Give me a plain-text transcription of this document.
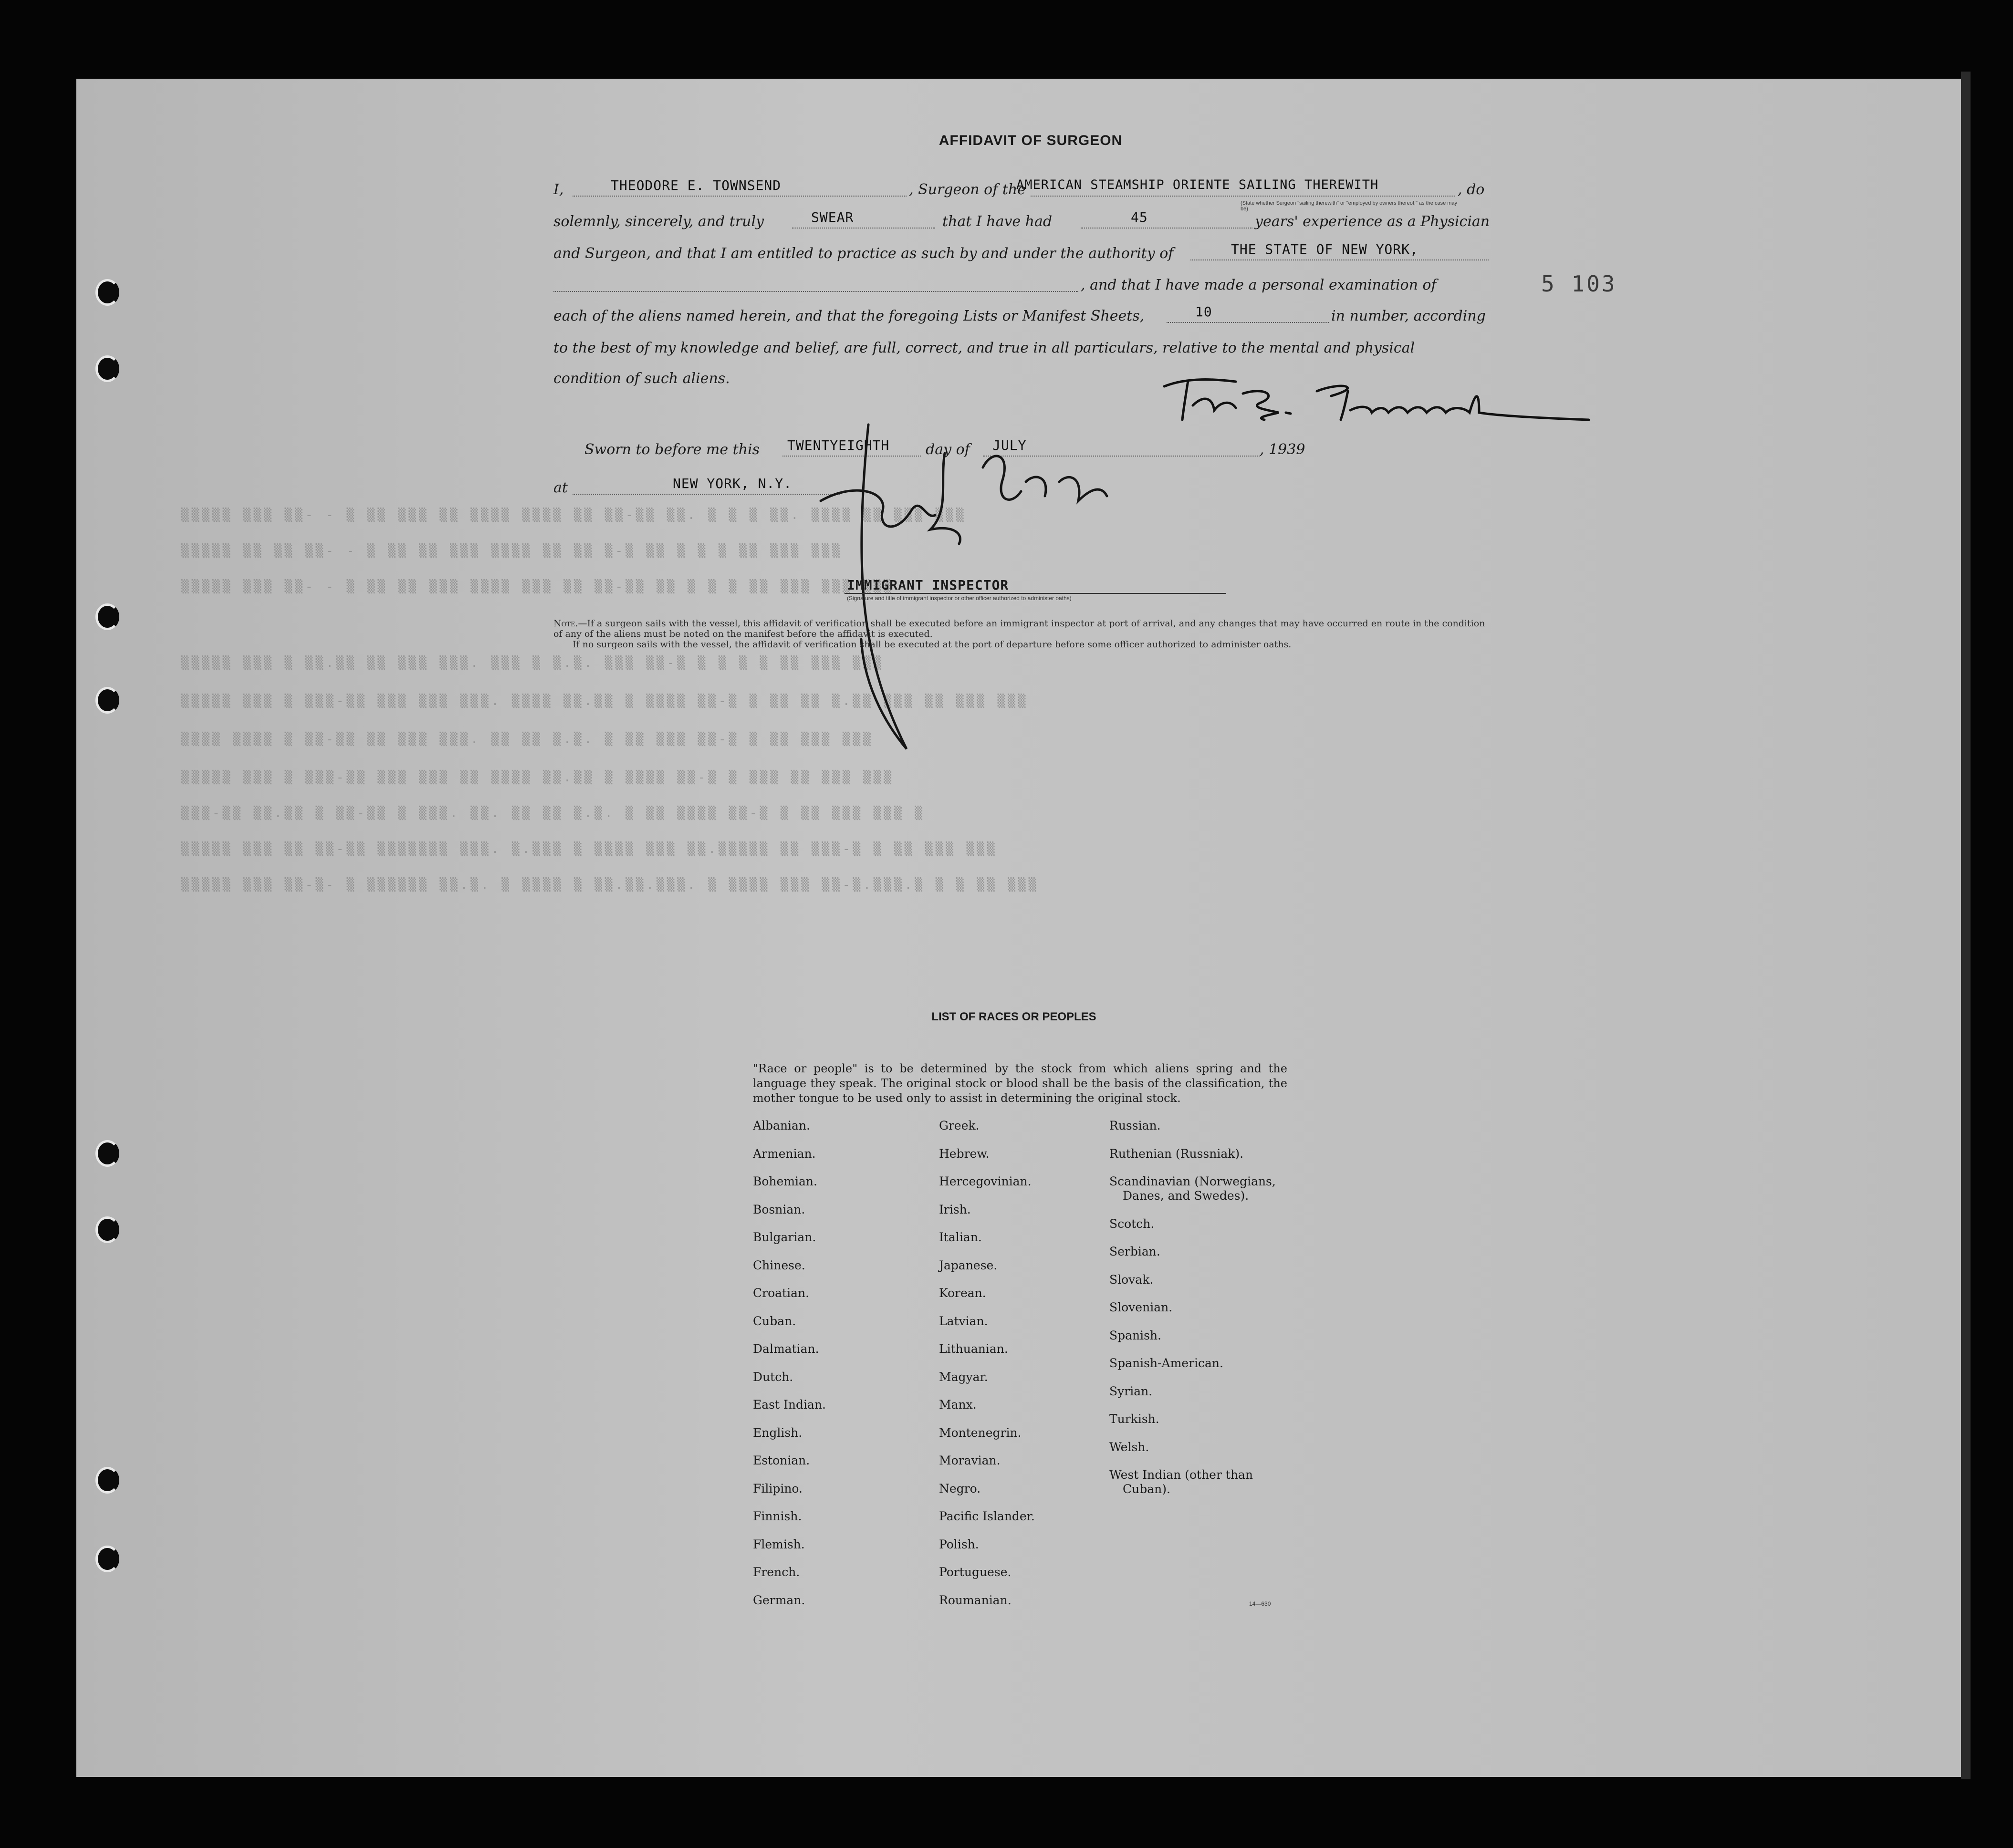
▒▒▒▒▒ ▒▒▒ ▒▒- - ▒ ▒▒ ▒▒▒ ▒▒ ▒▒▒▒ ▒▒▒▒ ▒▒ ▒▒-▒▒ ▒▒. ▒ ▒ ▒ ▒▒. ▒▒▒▒ ▒▒ ▒▒▒ ▒▒▒
▒▒▒▒▒ ▒▒ ▒▒ ▒▒- - ▒ ▒▒ ▒▒ ▒▒▒ ▒▒▒▒ ▒▒ ▒▒ ▒-▒ ▒▒ ▒ ▒ ▒ ▒▒ ▒▒▒ ▒▒▒
▒▒▒▒▒ ▒▒▒ ▒▒- - ▒ ▒▒ ▒▒ ▒▒▒ ▒▒▒▒ ▒▒▒ ▒▒ ▒▒-▒▒ ▒▒ ▒ ▒ ▒ ▒▒ ▒▒▒ ▒▒▒ ▒▒▒
▒▒▒▒▒ ▒▒▒ ▒ ▒▒.▒▒ ▒▒ ▒▒▒ ▒▒▒. ▒▒▒ ▒ ▒.▒. ▒▒▒ ▒▒-▒ ▒ ▒ ▒ ▒ ▒▒ ▒▒▒ ▒▒▒
▒▒▒▒▒ ▒▒▒ ▒ ▒▒▒-▒▒ ▒▒▒ ▒▒▒ ▒▒▒. ▒▒▒▒ ▒▒.▒▒ ▒ ▒▒▒▒ ▒▒-▒ ▒ ▒▒ ▒▒ ▒.▒▒ ▒▒▒ ▒▒ ▒▒▒ ▒▒▒
▒▒▒▒ ▒▒▒▒ ▒ ▒▒-▒▒ ▒▒ ▒▒▒ ▒▒▒. ▒▒ ▒▒ ▒.▒. ▒ ▒▒ ▒▒▒ ▒▒-▒ ▒ ▒▒ ▒▒▒ ▒▒▒
▒▒▒▒▒ ▒▒▒ ▒ ▒▒▒-▒▒ ▒▒▒ ▒▒▒ ▒▒ ▒▒▒▒ ▒▒.▒▒ ▒ ▒▒▒▒ ▒▒-▒ ▒ ▒▒▒ ▒▒ ▒▒▒ ▒▒▒
▒▒▒-▒▒ ▒▒.▒▒ ▒ ▒▒-▒▒ ▒ ▒▒▒. ▒▒. ▒▒ ▒▒ ▒.▒. ▒ ▒▒ ▒▒▒▒ ▒▒-▒ ▒ ▒▒ ▒▒▒ ▒▒▒ ▒
▒▒▒▒▒ ▒▒▒ ▒▒ ▒▒-▒▒ ▒▒▒▒▒▒▒ ▒▒▒. ▒.▒▒▒ ▒ ▒▒▒▒ ▒▒▒ ▒▒.▒▒▒▒▒ ▒▒ ▒▒▒-▒ ▒ ▒▒ ▒▒▒ ▒▒▒
▒▒▒▒▒ ▒▒▒ ▒▒-▒- ▒ ▒▒▒▒▒▒ ▒▒.▒. ▒ ▒▒▒▒ ▒ ▒▒.▒▒.▒▒▒. ▒ ▒▒▒▒ ▒▒▒ ▒▒-▒.▒▒▒.▒ ▒ ▒ ▒▒ ▒▒▒
AFFIDAVIT OF SURGEON
I,	THEODORE E. TOWNSEND	, Surgeon of the
AMERICAN STEAMSHIP ORIENTE SAILING THEREWITH	, do
(State whether Surgeon "sailing therewith" or "employed by owners thereof," as the case may be)
solemnly, sincerely, and truly	SWEAR	that I have had	45	years' experience as a Physician
and Surgeon, and that I am entitled to practice as such by and under the authority of	THE STATE OF NEW YORK,
, and that I have made a personal examination of	5 103
each of the aliens named herein, and that the foregoing Lists or Manifest Sheets,	10	in number, according
to the best of my knowledge and belief, are full, correct, and true in all particulars, relative to the mental and physical
condition of such aliens.
Sworn to before me this TWENTYEIGHTH	day of JULY	, 1939
at	NEW YORK, N.Y.
IMMIGRANT INSPECTOR
(Signature and title of immigrant inspector or other officer authorized to administer oaths)
Note.—If a surgeon sails with the vessel, this affidavit of verification shall be executed before an immigrant inspector at port of arrival, and any changes that may have occurred en route in the condition of any of the aliens must be noted on the manifest before the affidavit is executed.
If no surgeon sails with the vessel, the affidavit of verification shall be executed at the port of departure before some officer authorized to administer oaths.
LIST OF RACES OR PEOPLES
"Race or people" is to be determined by the stock from which aliens spring and the language they speak. The original stock or blood shall be the basis of the classification, the mother tongue to be used only to assist in determining the original stock.
Albanian.
Armenian.
Bohemian.
Bosnian.
Bulgarian.
Chinese.
Croatian.
Cuban.
Dalmatian.
Dutch.
East Indian.
English.
Estonian.
Filipino.
Finnish.
Flemish.
French.
German.
Greek.
Hebrew.
Hercegovinian.
Irish.
Italian.
Japanese.
Korean.
Latvian.
Lithuanian.
Magyar.
Manx.
Montenegrin.
Moravian.
Negro.
Pacific Islander.
Polish.
Portuguese.
Roumanian.
Russian.
Ruthenian (Russniak).
Scandinavian (Norwegians,
Danes, and Swedes).
Scotch.
Serbian.
Slovak.
Slovenian.
Spanish.
Spanish-American.
Syrian.
Turkish.
Welsh.
West Indian (other than
Cuban).
14—630
